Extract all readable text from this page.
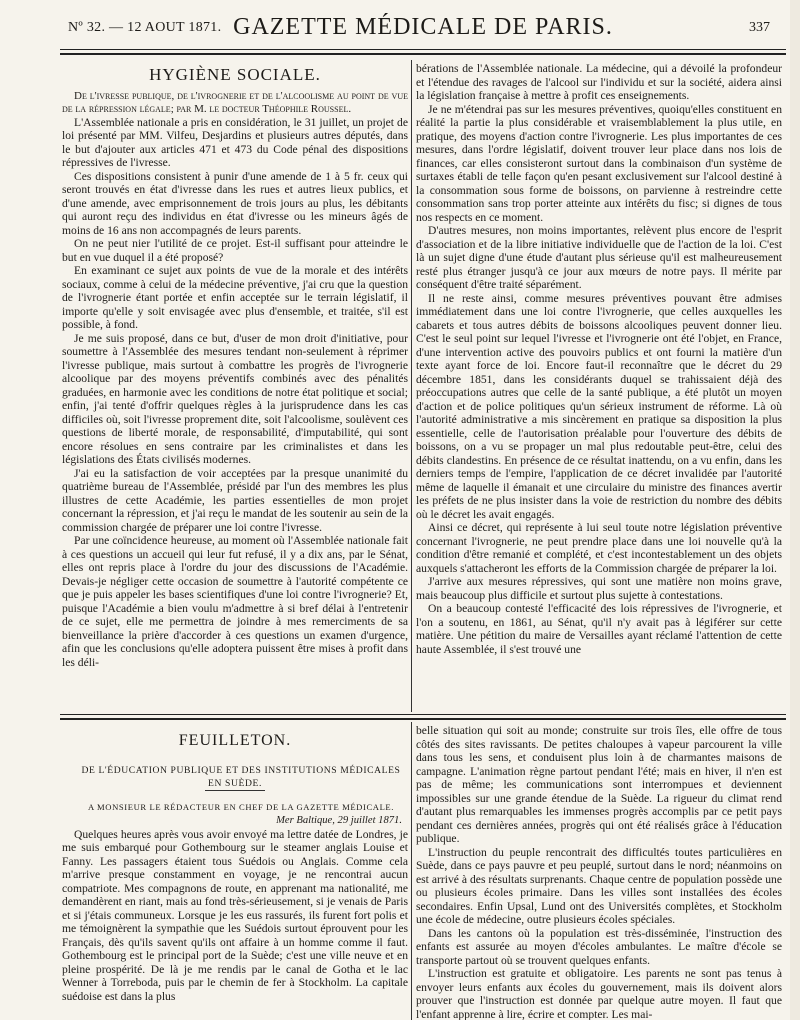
Nº 32. — 12 AOUT 1871. GAZETTE MÉDICALE DE PARIS.	337
HYGIÈNE SOCIALE.

De l'ivresse publique, de l'ivrognerie et de l'alcoolisme au point de vue de la répression légale; par M. le docteur Théophile Roussel.

L'Assemblée nationale a pris en considération, le 31 juillet, un projet de loi présenté par MM. Vilfeu, Desjardins et plusieurs autres députés, dans le but d'ajouter aux articles 471 et 473 du Code pénal des dispositions répressives de l'ivresse.

Ces dispositions consistent à punir d'une amende de 1 à 5 fr. ceux qui seront trouvés en état d'ivresse dans les rues et autres lieux publics, et d'une amende, avec emprisonnement de trois jours au plus, les débitants qui auront reçu des individus en état d'ivresse ou les mineurs âgés de moins de 16 ans non accompagnés de leurs parents.

On ne peut nier l'utilité de ce projet. Est-il suffisant pour atteindre le but en vue duquel il a été proposé?

En examinant ce sujet aux points de vue de la morale et des intérêts sociaux, comme à celui de la médecine préventive, j'ai cru que la question de l'ivrognerie étant portée et enfin acceptée sur le terrain législatif, il importe qu'elle y soit envisagée avec plus d'ensemble, et traitée, s'il est possible, à fond.

Je me suis proposé, dans ce but, d'user de mon droit d'initiative, pour soumettre à l'Assemblée des mesures tendant non-seulement à réprimer l'ivresse publique, mais surtout à combattre les progrès de l'ivrognerie alcoolique par des moyens préventifs combinés avec des pénalités graduées, en harmonie avec les conditions de notre état politique et social; enfin, j'ai tenté d'offrir quelques règles à la jurisprudence dans les cas difficiles où, soit l'ivresse proprement dite, soit l'alcoolisme, soulèvent ces questions de liberté morale, de responsabilité, d'imputabilité, qui sont encore résolues en sens contraire par les criminalistes et dans les législations des États civilisés modernes.

J'ai eu la satisfaction de voir acceptées par la presque unanimité du quatrième bureau de l'Assemblée, présidé par l'un des membres les plus illustres de cette Académie, les parties essentielles de mon projet concernant la répression, et j'ai reçu le mandat de les soutenir au sein de la commission chargée de préparer une loi contre l'ivresse.

Par une coïncidence heureuse, au moment où l'Assemblée nationale fait à ces questions un accueil qui leur fut refusé, il y a dix ans, par le Sénat, elles ont repris place à l'ordre du jour des discussions de l'Académie. Devais-je négliger cette occasion de soumettre à l'autorité compétente ce que je puis appeler les bases scientifiques d'une loi contre l'ivrognerie? Et, puisque l'Académie a bien voulu m'admettre à si bref délai à l'entretenir de ce sujet, elle me permettra de joindre à mes remerciments de sa bienveillance la prière d'accorder à ces questions un examen d'urgence, afin que les conclusions qu'elle adoptera puissent être mises à profit dans les déli-

bérations de l'Assemblée nationale. La médecine, qui a dévoilé la profondeur et l'étendue des ravages de l'alcool sur l'individu et sur la société, aidera ainsi la législation française à mettre à profit ces enseignements.

Je ne m'étendrai pas sur les mesures préventives, quoiqu'elles constituent en réalité la partie la plus considérable et vraisemblablement la plus utile, en pratique, des moyens d'action contre l'ivrognerie. Les plus importantes de ces mesures, dans l'ordre législatif, doivent trouver leur place dans nos lois de finances, car elles consisteront surtout dans la combinaison d'un système de surtaxes établi de telle façon qu'en pesant exclusivement sur l'alcool destiné à la consommation sous forme de boissons, on parvienne à restreindre cette consommation sans trop porter atteinte aux intérêts du fisc; si dignes de tous nos respects en ce moment.

D'autres mesures, non moins importantes, relèvent plus encore de l'esprit d'association et de la libre initiative individuelle que de l'action de la loi. C'est là un sujet digne d'une étude d'autant plus sérieuse qu'il est malheureusement resté plus étranger jusqu'à ce jour aux mœurs de notre pays. Il mérite par conséquent d'être traité séparément.

Il ne reste ainsi, comme mesures préventives pouvant être admises immédiatement dans une loi contre l'ivrognerie, que celles auxquelles les cabarets et tous autres débits de boissons alcooliques peuvent donner lieu. C'est le seul point sur lequel l'ivresse et l'ivrognerie ont été l'objet, en France, d'une intervention active des pouvoirs publics et ont fourni la matière d'un texte ayant force de loi. Encore faut-il reconnaître que le décret du 29 décembre 1851, dans les considérants duquel se trahissaient déjà des préoccupations autres que celle de la santé publique, a été plutôt un moyen d'action et de police politiques qu'un sérieux instrument de réforme. Là où l'autorité administrative a mis sincèrement en pratique sa disposition la plus essentielle, celle de l'autorisation préalable pour l'ouverture des débits de boissons, on a vu se propager un mal plus redoutable peut-être, celui des débits clandestins. En présence de ce résultat inattendu, on a vu enfin, dans les derniers temps de l'empire, l'application de ce décret invalidée par l'autorité même de laquelle il émanait et une circulaire du ministre des finances avertir les préfets de ne plus insister dans la voie de restriction du nombre des débits où le décret les avait engagés.

Ainsi ce décret, qui représente à lui seul toute notre législation préventive concernant l'ivrognerie, ne peut prendre place dans une loi nouvelle qu'à la condition d'être remanié et complété, et c'est incontestablement un des objets auxquels s'attacheront les efforts de la Commission chargée de préparer la loi.

J'arrive aux mesures répressives, qui sont une matière non moins grave, mais beaucoup plus difficile et surtout plus sujette à contestations.

On a beaucoup contesté l'efficacité des lois répressives de l'ivrognerie, et l'on a soutenu, en 1861, au Sénat, qu'il n'y avait pas à légiférer sur cette matière. Une pétition du maire de Versailles ayant réclamé l'attention de cette haute Assemblée, il s'est trouvé une

FEUILLETON.

DE L'ÉDUCATION PUBLIQUE ET DES INSTITUTIONS MÉDICALES EN SUÈDE.

A MONSIEUR LE RÉDACTEUR EN CHEF DE LA GAZETTE MÉDICALE.

Mer Baltique, 29 juillet 1871.

Quelques heures après vous avoir envoyé ma lettre datée de Londres, je me suis embarqué pour Gothembourg sur le steamer anglais Louise et Fanny. Les passagers étaient tous Suédois ou Anglais. Comme cela m'arrive presque constamment en voyage, je ne rencontrai aucun compatriote. Mes compagnons de route, en apprenant ma nationalité, me demandèrent en riant, mais au fond très-sérieusement, si je venais de Paris et si j'étais communeux. Lorsque je les eus rassurés, ils furent fort polis et me témoignèrent la sympathie que les Suédois surtout éprouvent pour les Français, dès qu'ils savent qu'ils ont affaire à un homme comme il faut. Gothembourg est le principal port de la Suède; c'est une ville neuve et en pleine prospérité. De là je me rendis par le canal de Gotha et le lac Wenner à Torreboda, puis par le chemin de fer à Stockholm. La capitale suédoise est dans la plus

belle situation qui soit au monde; construite sur trois îles, elle offre de tous côtés des sites ravissants. De petites chaloupes à vapeur parcourent la ville dans tous les sens, et conduisent plus loin à de charmantes maisons de campagne. L'animation règne partout pendant l'été; mais en hiver, il n'en est pas de même; les communications sont interrompues et deviennent impossibles sur une grande étendue de la Suède. La rigueur du climat rend d'autant plus remarquables les immenses progrès accomplis par ce petit pays pendant ces dernières années, progrès qui ont été réalisés grâce à l'éducation publique.

L'instruction du peuple rencontrait des difficultés toutes particulières en Suède, dans ce pays pauvre et peu peuplé, surtout dans le nord; néanmoins on est arrivé à des résultats surprenants. Chaque centre de population possède une ou plusieurs écoles primaire. Dans les villes sont installées des écoles secondaires. Enfin Upsal, Lund ont des Universités complètes, et Stockholm une école de médecine, outre plusieurs écoles spéciales.

Dans les cantons où la population est très-disséminée, l'instruction des enfants est assurée au moyen d'écoles ambulantes. Le maître d'école se transporte partout où se trouvent quelques enfants.

L'instruction est gratuite et obligatoire. Les parents ne sont pas tenus à envoyer leurs enfants aux écoles du gouvernement, mais ils doivent alors prouver que l'instruction est donnée par quelque autre moyen. Il faut que l'enfant apprenne à lire, écrire et compter. Les mai-
